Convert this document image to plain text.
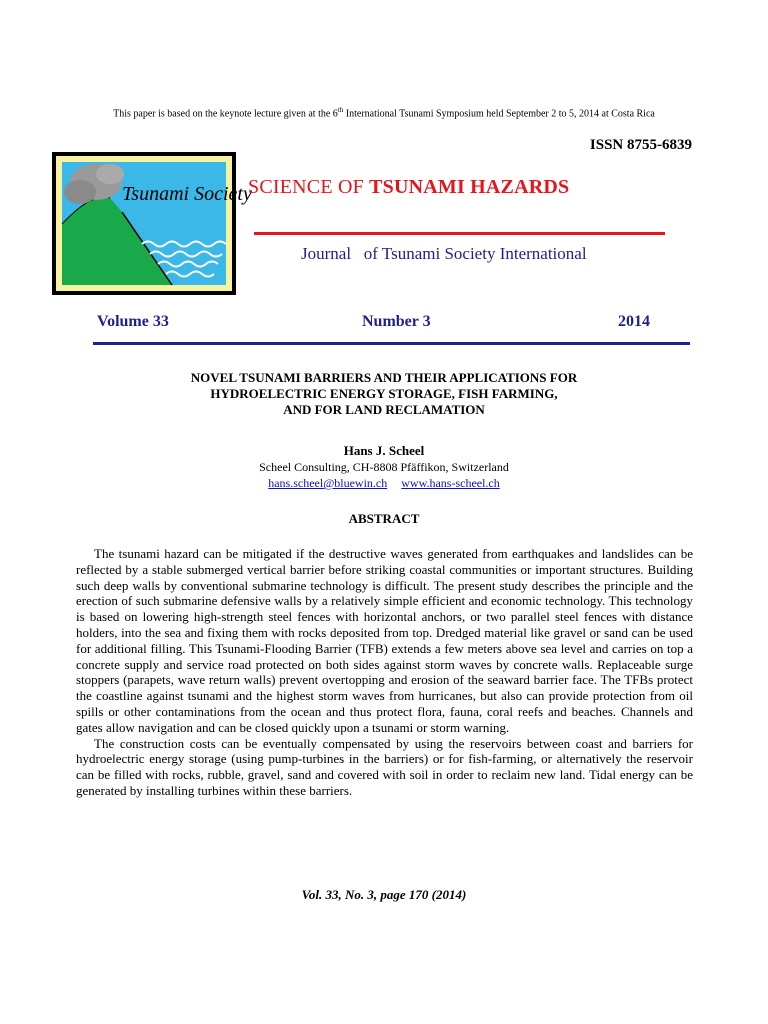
This paper is based on the keynote lecture given at the 6th International Tsunami Symposium held September 2 to 5, 2014 at Costa Rica
ISSN 8755-6839
Tsunami Society
SCIENCE OF TSUNAMI HAZARDS
Journal   of Tsunami Society International
Volume 33	Number 3	2014
NOVEL TSUNAMI BARRIERS AND THEIR APPLICATIONS FOR
HYDROELECTRIC ENERGY STORAGE, FISH FARMING,
AND FOR LAND RECLAMATION
Hans J. Scheel
Scheel Consulting, CH-8808 Pfäffikon, Switzerland
hans.scheel@bluewin.ch www.hans-scheel.ch
ABSTRACT

The tsunami hazard can be mitigated if the destructive waves generated from earthquakes and landslides can be reflected by a stable submerged vertical barrier before striking coastal communities or important structures. Building such deep walls by conventional submarine technology is difficult. The present study describes the principle and the erection of such submarine defensive walls by a relatively simple efficient and economic technology. This technology is based on lowering high-strength steel fences with horizontal anchors, or two parallel steel fences with distance holders, into the sea and fixing them with rocks deposited from top. Dredged material like gravel or sand can be used for additional filling. This Tsunami-Flooding Barrier (TFB) extends a few meters above sea level and carries on top a concrete supply and service road protected on both sides against storm waves by concrete walls. Replaceable surge stoppers (parapets, wave return walls) prevent overtopping and erosion of the seaward barrier face. The TFBs protect the coastline against tsunami and the highest storm waves from hurricanes, but also can provide protection from oil spills or other contaminations from the ocean and thus protect flora, fauna, coral reefs and beaches. Channels and gates allow navigation and can be closed quickly upon a tsunami or storm warning.

The construction costs can be eventually compensated by using the reservoirs between coast and barriers for hydroelectric energy storage (using pump-turbines in the barriers) or for fish-farming, or alternatively the reservoir can be filled with rocks, rubble, gravel, sand and covered with soil in order to reclaim new land. Tidal energy can be generated by installing turbines within these barriers.

Vol. 33, No. 3, page 170 (2014)
